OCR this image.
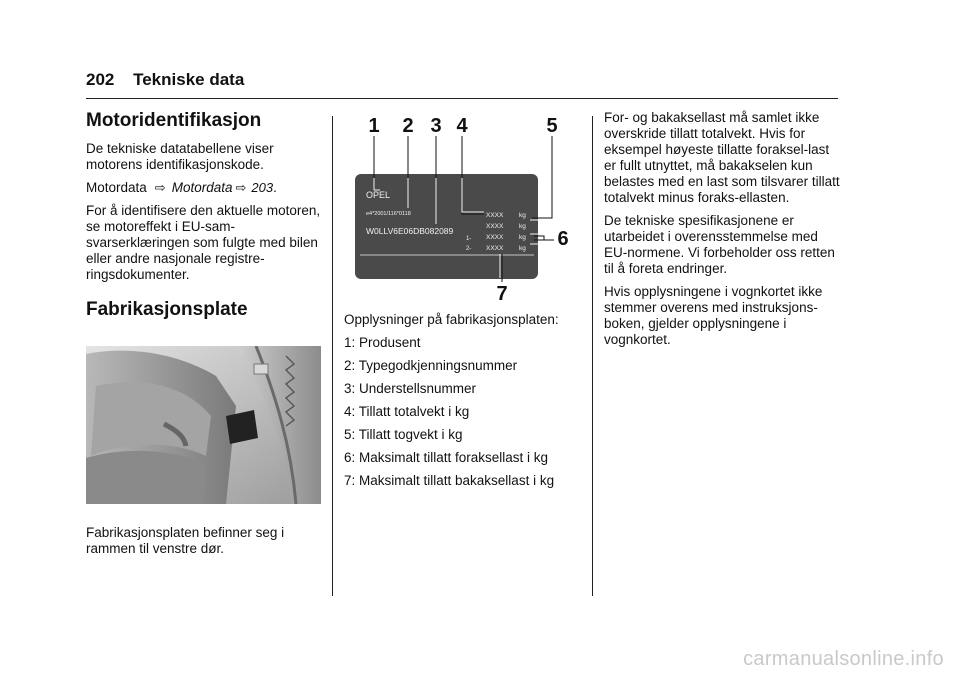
202 Tekniske data
Motoridentifikasjon

De tekniske datatabellene viser motorens identifikasjonskode.

Motordata ⇨ Motordata ⇨ 203.

For å identifisere den aktuelle motoren, se motoreffekt i EU-sam-svarserklæringen som fulgte med bilen eller andre nasjonale registre-ringsdokumenter.

Fabrikasjonsplate
Fabrikasjonsplaten befinner seg i rammen til venstre dør.
1 2 3 4	5
6
7
OPEL
e4*2001/116*0118
W0LLV6E06DB082089
XXXX kg
XXXX kg
1- XXXX kg
2- XXXX kg

Opplysninger på fabrikasjonsplaten:

1: Produsent

2: Typegodkjenningsnummer

3: Understellsnummer

4: Tillatt totalvekt i kg

5: Tillatt togvekt i kg

6: Maksimalt tillatt foraksellast i kg

7: Maksimalt tillatt bakaksellast i kg

For- og bakaksellast må samlet ikke overskride tillatt totalvekt. Hvis for eksempel høyeste tillatte foraksel-last er fullt utnyttet, må bakakselen kun belastes med en last som tilsvarer tillatt totalvekt minus foraks-ellasten.

De tekniske spesifikasjonene er utarbeidet i overensstemmelse med EU-normene. Vi forbeholder oss retten til å foreta endringer.

Hvis opplysningene i vognkortet ikke stemmer overens med instruksjons-boken, gjelder opplysningene i vognkortet.

carmanualsonline.info
